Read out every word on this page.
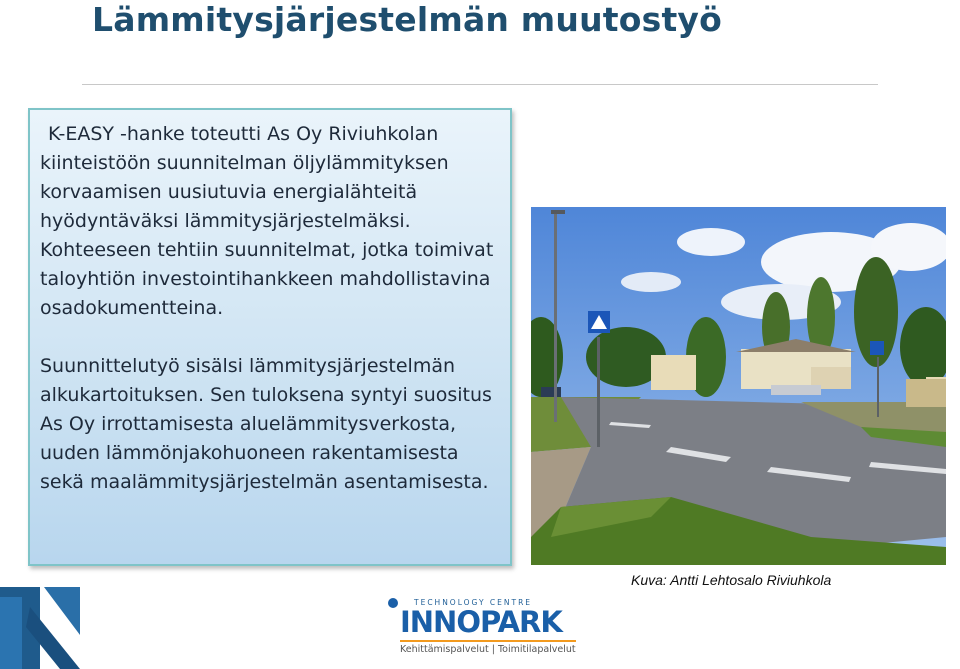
Lämmitysjärjestelmän muutostyö

K-EASY -hanke toteutti As Oy Riviuhkolan kiinteistöön suunnitelman öljylämmityksen korvaamisen uusiutuvia energialähteitä hyödyntäväksi lämmitysjärjestelmäksi. Kohteeseen tehtiin suunnitelmat, jotka toimivat taloyhtiön investointihankkeen mahdollistavina osadokumentteina.

Suunnittelutyö sisälsi lämmitysjärjestelmän alkukartoituksen. Sen tuloksena syntyi suositus As Oy irrottamisesta aluelämmitysverkosta, uuden lämmönjakohuoneen rakentamisesta sekä maalämmitysjärjestelmän asentamisesta.

Kuva: Antti Lehtosalo Riviuhkola
TECHNOLOGY CENTRE
INNOPARK
Kehittämispalvelut | Toimitilapalvelut
